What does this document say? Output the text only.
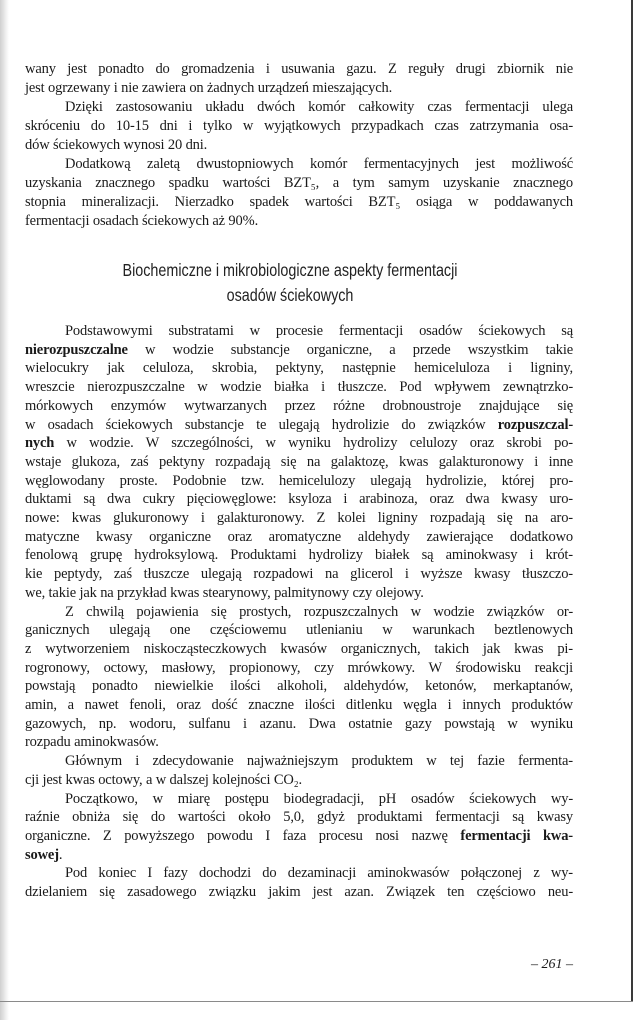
wany jest ponadto do gromadzenia i usuwania gazu. Z reguły drugi zbiornik nie
jest ogrzewany i nie zawiera on żadnych urządzeń mieszających.
Dzięki zastosowaniu układu dwóch komór całkowity czas fermentacji ulega
skróceniu do 10-15 dni i tylko w wyjątkowych przypadkach czas zatrzymania osa-
dów ściekowych wynosi 20 dni.
Dodatkową zaletą dwustopniowych komór fermentacyjnych jest możliwość
uzyskania znacznego spadku wartości BZT₅, a tym samym uzyskanie znacznego
stopnia mineralizacji. Nierzadko spadek wartości BZT₅ osiąga w poddawanych
fermentacji osadach ściekowych aż 90%.
Biochemiczne i mikrobiologiczne aspekty fermentacji
osadów ściekowych
Podstawowymi substratami w procesie fermentacji osadów ściekowych są
nierozpuszczalne w wodzie substancje organiczne, a przede wszystkim takie
wielocukry jak celuloza, skrobia, pektyny, następnie hemiceluloza i ligniny,
wreszcie nierozpuszczalne w wodzie białka i tłuszcze. Pod wpływem zewnątrzko-
mórkowych enzymów wytwarzanych przez różne drobnoustroje znajdujące się
w osadach ściekowych substancje te ulegają hydrolizie do związków rozpuszczal-
nych w wodzie. W szczególności, w wyniku hydrolizy celulozy oraz skrobi po-
wstaje glukoza, zaś pektyny rozpadają się na galaktozę, kwas galakturonowy i inne
węglowodany proste. Podobnie tzw. hemicelulozy ulegają hydrolizie, której pro-
duktami są dwa cukry pięciowęglowe: ksyloza i arabinoza, oraz dwa kwasy uro-
nowe: kwas glukuronowy i galakturonowy. Z kolei ligniny rozpadają się na aro-
matyczne kwasy organiczne oraz aromatyczne aldehydy zawierające dodatkowo
fenolową grupę hydroksylową. Produktami hydrolizy białek są aminokwasy i krót-
kie peptydy, zaś tłuszcze ulegają rozpadowi na glicerol i wyższe kwasy tłuszczo-
we, takie jak na przykład kwas stearynowy, palmitynowy czy olejowy.
Z chwilą pojawienia się prostych, rozpuszczalnych w wodzie związków or-
ganicznych ulegają one częściowemu utlenianiu w warunkach beztlenowych
z wytworzeniem niskocząsteczkowych kwasów organicznych, takich jak kwas pi-
rogronowy, octowy, masłowy, propionowy, czy mrówkowy. W środowisku reakcji
powstają ponadto niewielkie ilości alkoholi, aldehydów, ketonów, merkaptanów,
amin, a nawet fenoli, oraz dość znaczne ilości ditlenku węgla i innych produktów
gazowych, np. wodoru, sulfanu i azanu. Dwa ostatnie gazy powstają w wyniku
rozpadu aminokwasów.
Głównym i zdecydowanie najważniejszym produktem w tej fazie fermenta-
cji jest kwas octowy, a w dalszej kolejności CO₂.
Początkowo, w miarę postępu biodegradacji, pH osadów ściekowych wy-
raźnie obniża się do wartości około 5,0, gdyż produktami fermentacji są kwasy
organiczne. Z powyższego powodu I faza procesu nosi nazwę fermentacji kwa-
sowej.
Pod koniec I fazy dochodzi do dezaminacji aminokwasów połączonej z wy-
dzielaniem się zasadowego związku jakim jest azan. Związek ten częściowo neu-
– 261 –
